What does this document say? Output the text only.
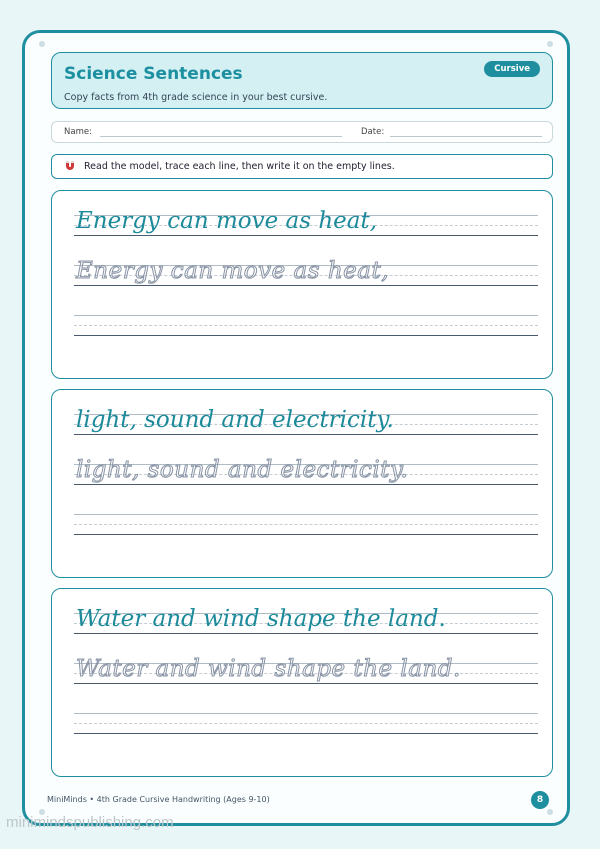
Science Sentences
Copy facts from 4th grade science in your best cursive.
Cursive
Name:	Date:
Read the model, trace each line, then write it on the empty lines.
Energy can move as heat,
Energy can move as heat,
light, sound and electricity.
light, sound and electricity.
Water and wind shape the land.
Water and wind shape the land.
MiniMinds • 4th Grade Cursive Handwriting (Ages 9-10)	8
minimindspublishing.com
